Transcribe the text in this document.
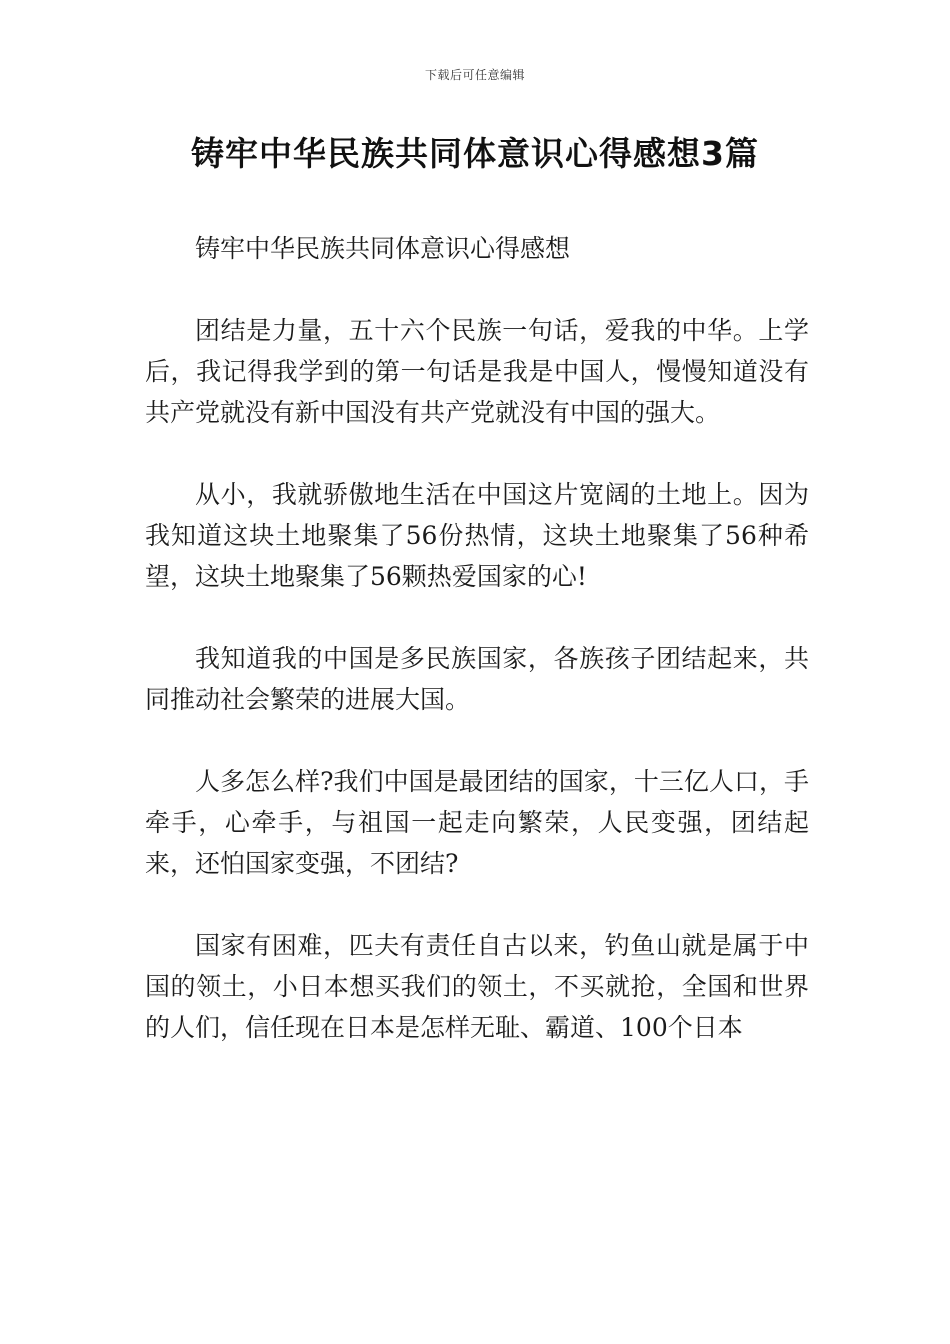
下载后可任意编辑
铸牢中华民族共同体意识心得感想3篇

铸牢中华民族共同体意识心得感想

团结是力量，五十六个民族一句话，爱我的中华。上学后，我记得我学到的第一句话是我是中国人，慢慢知道没有共产党就没有新中国没有共产党就没有中国的强大。

从小，我就骄傲地生活在中国这片宽阔的土地上。因为我知道这块土地聚集了56份热情，这块土地聚集了56种希望，这块土地聚集了56颗热爱国家的心!

我知道我的中国是多民族国家，各族孩子团结起来，共同推动社会繁荣的进展大国。

人多怎么样?我们中国是最团结的国家，十三亿人口，手牵手，心牵手，与祖国一起走向繁荣，人民变强，团结起来，还怕国家变强，不团结?

国家有困难，匹夫有责任自古以来，钓鱼山就是属于中国的领土，小日本想买我们的领土，不买就抢，全国和世界的人们，信任现在日本是怎样无耻、霸道、100个日本
